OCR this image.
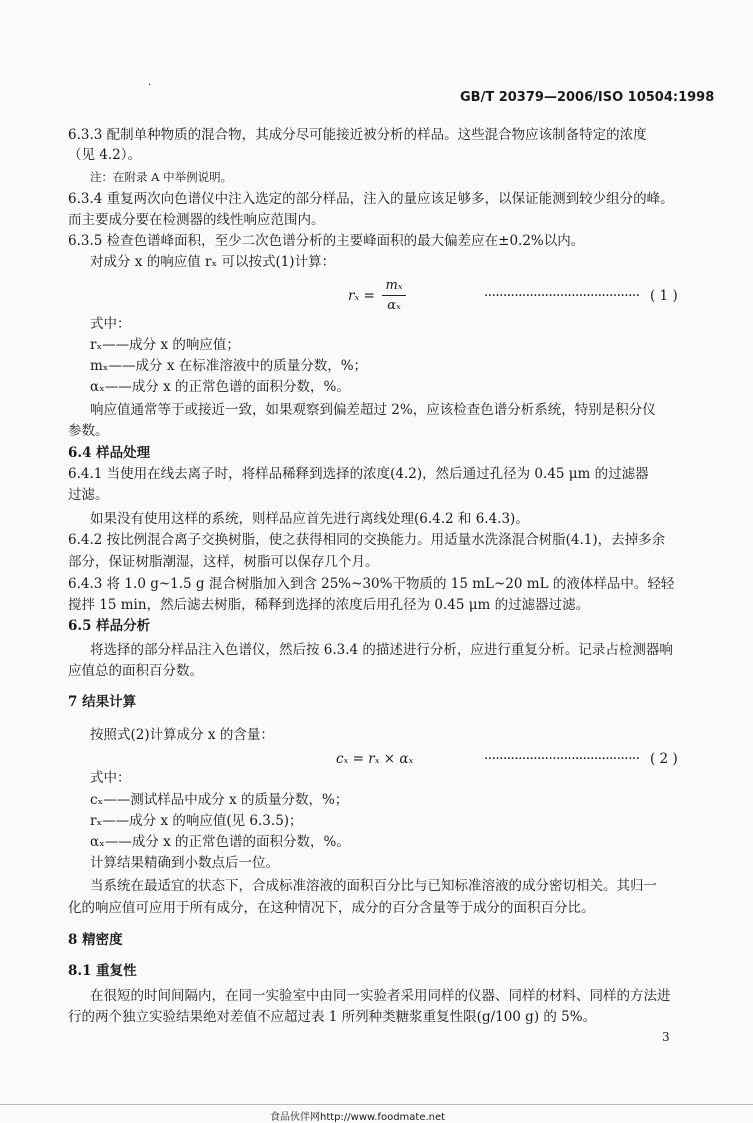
·
GB/T 20379—2006/ISO 10504:1998
6.3.3 配制单种物质的混合物，其成分尽可能接近被分析的样品。这些混合物应该制备特定的浓度
（见 4.2）。
注：在附录 A 中举例说明。
6.3.4 重复两次向色谱仪中注入选定的部分样品，注入的量应该足够多，以保证能测到较少组分的峰。
而主要成分要在检测器的线性响应范围内。
6.3.5 检查色谱峰面积，至少二次色谱分析的主要峰面积的最大偏差应在±0.2%以内。
对成分 x 的响应值 rₓ 可以按式(1)计算：
rₓ =
mₓ
αₓ
········································· ( 1 )
式中：
rₓ——成分 x 的响应值；
mₓ——成分 x 在标准溶液中的质量分数，%；
αₓ——成分 x 的正常色谱的面积分数，%。
响应值通常等于或接近一致，如果观察到偏差超过 2%，应该检查色谱分析系统，特别是积分仪
参数。
6.4 样品处理
6.4.1 当使用在线去离子时，将样品稀释到选择的浓度(4.2)，然后通过孔径为 0.45 μm 的过滤器
过滤。
如果没有使用这样的系统，则样品应首先进行离线处理(6.4.2 和 6.4.3)。
6.4.2 按比例混合离子交换树脂，使之获得相同的交换能力。用适量水洗涤混合树脂(4.1)，去掉多余
部分，保证树脂潮湿，这样，树脂可以保存几个月。
6.4.3 将 1.0 g~1.5 g 混合树脂加入到含 25%~30%干物质的 15 mL~20 mL 的液体样品中。轻轻
搅拌 15 min，然后滤去树脂，稀释到选择的浓度后用孔径为 0.45 μm 的过滤器过滤。
6.5 样品分析
将选择的部分样品注入色谱仪，然后按 6.3.4 的描述进行分析，应进行重复分析。记录占检测器响
应值总的面积百分数。
7 结果计算
按照式(2)计算成分 x 的含量：
cₓ = rₓ × αₓ	········································· ( 2 )
式中：
cₓ——测试样品中成分 x 的质量分数，%；
rₓ——成分 x 的响应值(见 6.3.5)；
αₓ——成分 x 的正常色谱的面积分数，%。
计算结果精确到小数点后一位。
当系统在最适宜的状态下，合成标准溶液的面积百分比与已知标准溶液的成分密切相关。其归一
化的响应值可应用于所有成分，在这种情况下，成分的百分含量等于成分的面积百分比。
8 精密度
8.1 重复性
在很短的时间间隔内，在同一实验室中由同一实验者采用同样的仪器、同样的材料、同样的方法进
行的两个独立实验结果绝对差值不应超过表 1 所列种类糖浆重复性限(g/100 g) 的 5%。
3
食品伙伴网http://www.foodmate.net
